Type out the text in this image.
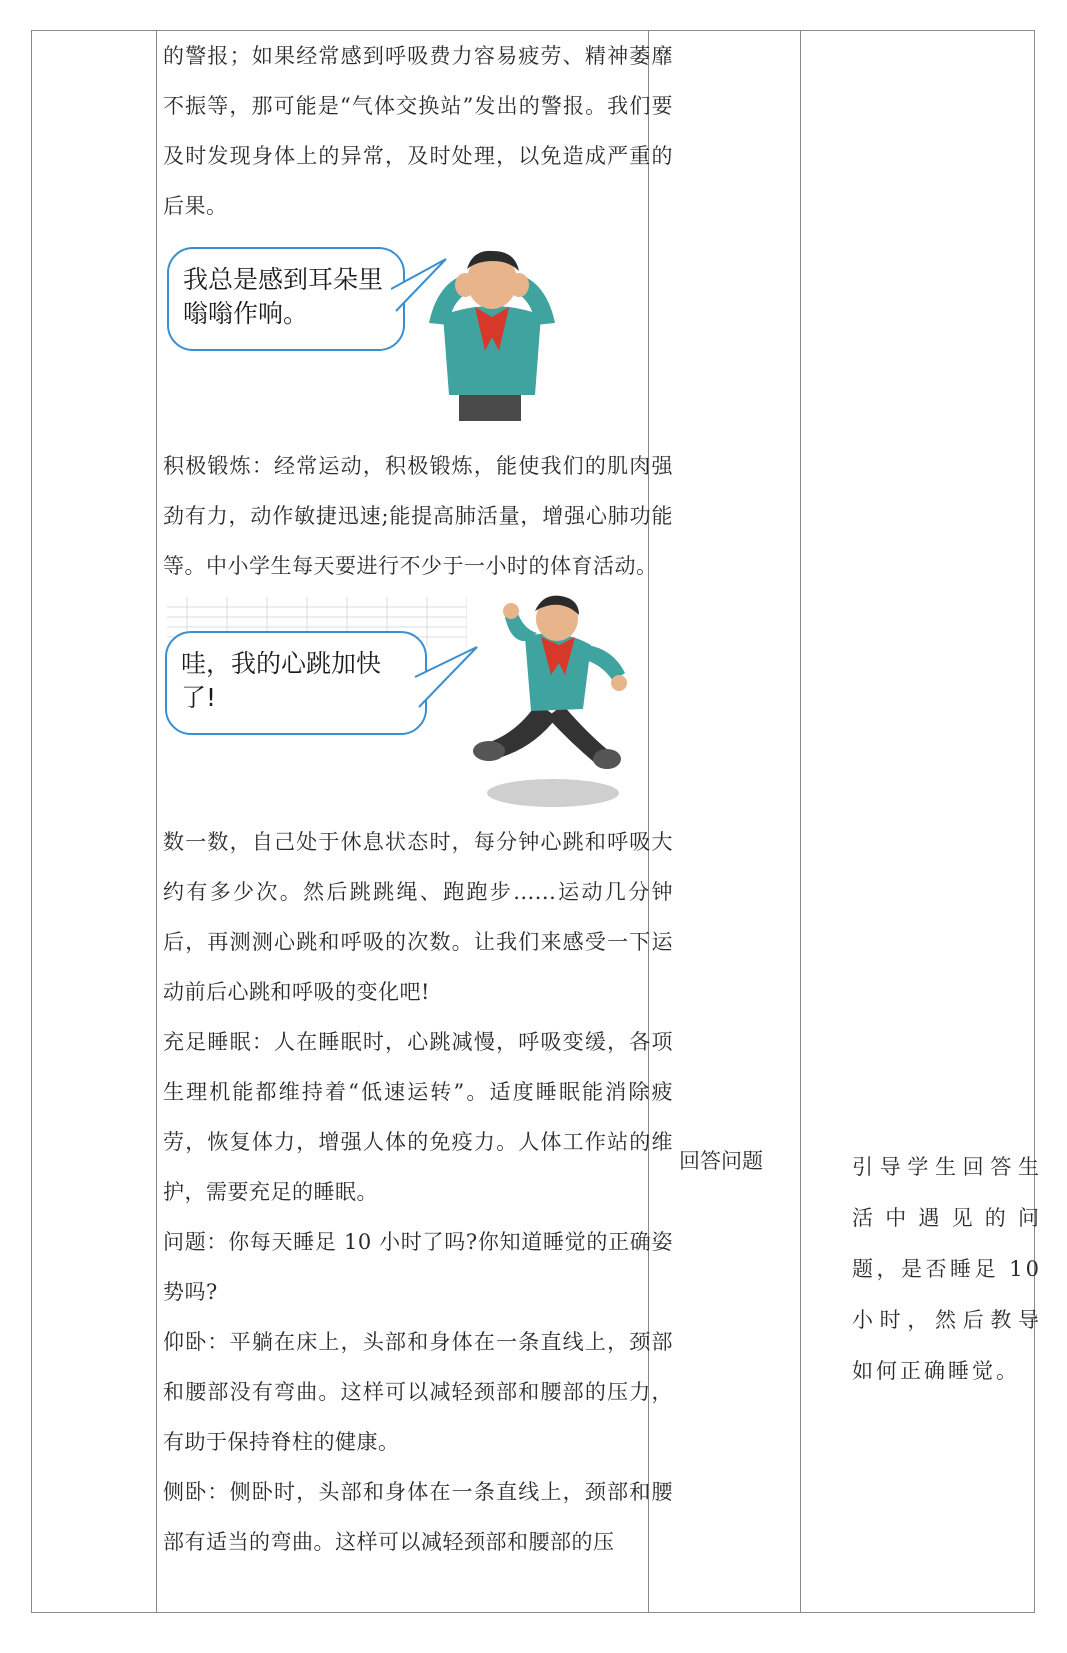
的警报；如果经常感到呼吸费力容易疲劳、精神萎靡不振等，那可能是“气体交换站”发出的警报。我们要及时发现身体上的异常，及时处理，以免造成严重的后果。

我总是感到耳朵里嗡嗡作响。

积极锻炼：经常运动，积极锻炼，能使我们的肌肉强劲有力，动作敏捷迅速;能提高肺活量，增强心肺功能等。中小学生每天要进行不少于一小时的体育活动。

哇，我的心跳加快了!

数一数，自己处于休息状态时，每分钟心跳和呼吸大约有多少次。然后跳跳绳、跑跑步......运动几分钟后，再测测心跳和呼吸的次数。让我们来感受一下运动前后心跳和呼吸的变化吧!

充足睡眠：人在睡眠时，心跳减慢，呼吸变缓，各项生理机能都维持着“低速运转”。适度睡眠能消除疲劳，恢复体力，增强人体的免疫力。人体工作站的维护，需要充足的睡眠。

问题：你每天睡足 10 小时了吗?你知道睡觉的正确姿势吗?

仰卧：平躺在床上，头部和身体在一条直线上，颈部和腰部没有弯曲。这样可以减轻颈部和腰部的压力，有助于保持脊柱的健康。

侧卧：侧卧时，头部和身体在一条直线上，颈部和腰部有适当的弯曲。这样可以减轻颈部和腰部的压

回答问题	引导学生回答生活中遇见的问题，是否睡足 10 小时，然后教导如何正确睡觉。
